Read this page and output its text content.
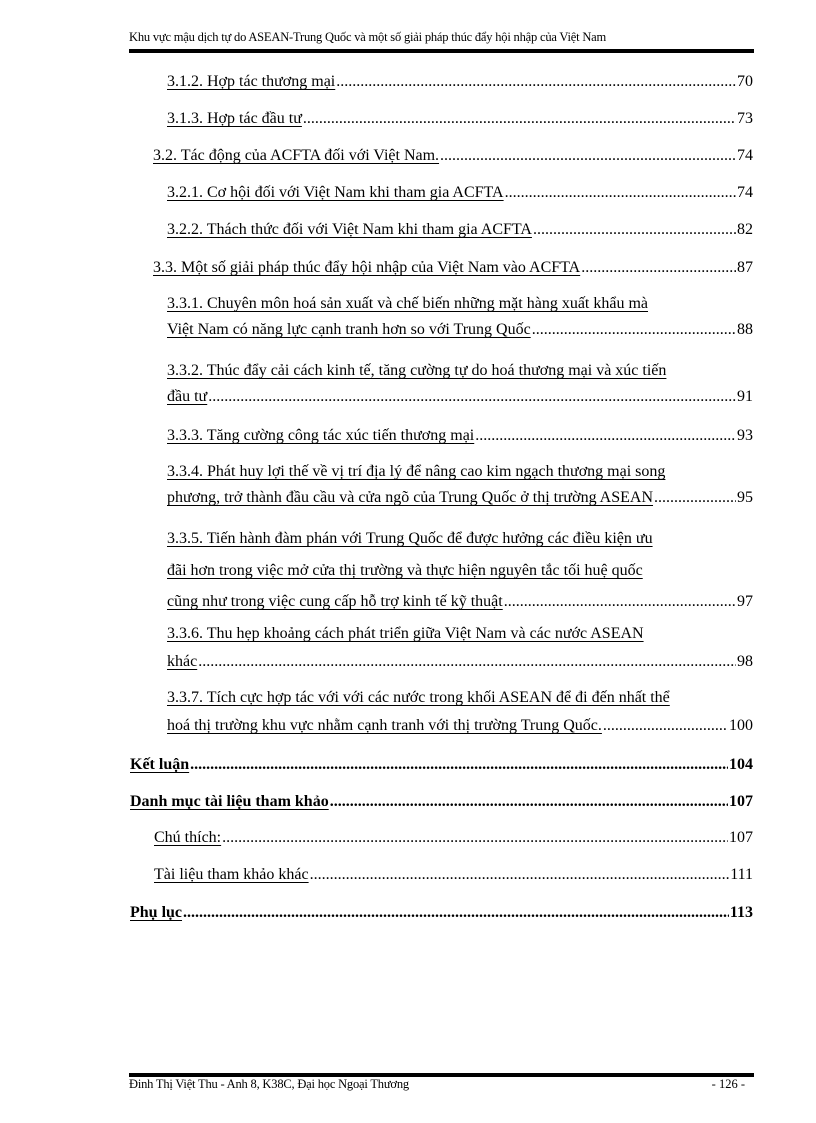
Khu vực mậu dịch tự do ASEAN-Trung Quốc và một số giải pháp thúc đẩy hội nhập của Việt Nam
3.1.2. Hợp tác thương mại .....	70
3.1.3. Hợp tác đầu tư .....	73
3.2. Tác động của ACFTA đối với Việt Nam. .....	74
3.2.1. Cơ hội đối với Việt Nam khi tham gia ACFTA .....	74
3.2.2. Thách thức đối với Việt Nam khi tham gia ACFTA .....	82
3.3. Một số giải pháp thúc đẩy hội nhập của Việt Nam vào ACFTA .....	87
3.3.1. Chuyên môn hoá sản xuất và chế biến những mặt hàng xuất khẩu mà
Việt Nam có năng lực cạnh tranh hơn so với Trung Quốc .....	88
3.3.2. Thúc đẩy cải cách kinh tế, tăng cường tự do hoá thương mại và xúc tiến
đầu tư .....	91
3.3.3. Tăng cường công tác xúc tiến thương mại .....	93
3.3.4. Phát huy lợi thế về vị trí địa lý để nâng cao kim ngạch thương mại song
phương, trở thành đầu cầu và cửa ngõ của Trung Quốc ở thị trường ASEAN .....	95
3.3.5. Tiến hành đàm phán với Trung Quốc để được hưởng các điều kiện ưu
đãi hơn trong việc mở cửa thị trường và thực hiện nguyên tắc tối huệ quốc
cũng như trong việc cung cấp hỗ trợ kinh tế kỹ thuật .....	97
3.3.6. Thu hẹp khoảng cách phát triển giữa Việt Nam và các nước ASEAN
khác .....	98
3.3.7. Tích cực hợp tác với với các nước trong khối ASEAN để đi đến nhất thể
hoá thị trường khu vực nhằm cạnh tranh với thị trường Trung Quốc. .....	100
Kết luận .....	104
Danh mục tài liệu tham khảo .....	107
Chú thích: .....	107
Tài liệu tham khảo khác .....	111
Phụ lục .....	113
Đinh Thị Việt Thu - Anh 8, K38C, Đại học Ngoại Thương	- 126 -
